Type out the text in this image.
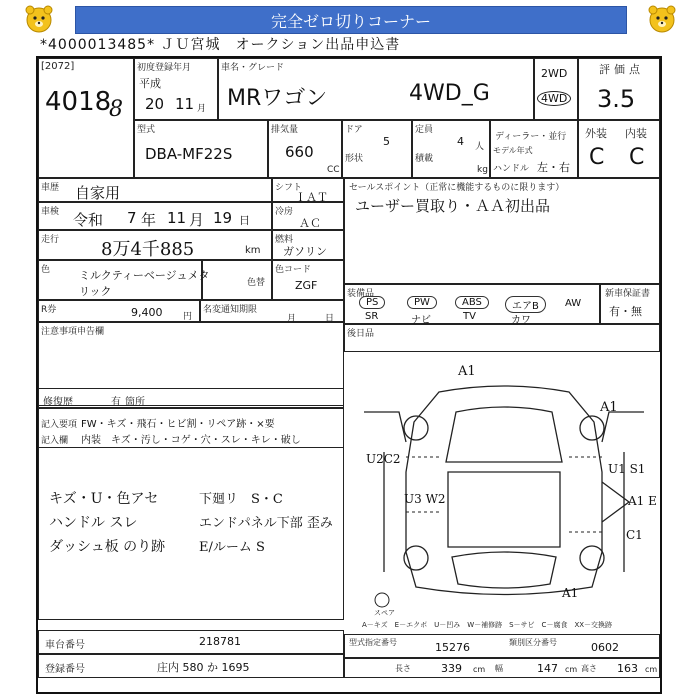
完全ゼロ切りコーナー
*4000013485* ＪＵ宮城　オークション出品申込書
[2072]
4018
8
初度登録年月
平成
20 11 月
車名・グレード
MRワゴン	4WD_G
2WD
4WD
評価点
3.5
型式
DBA-MF22S
排気量
660
CC
ドア
5
形状
定員
4 人
積載
kg
ディーラー・並行
モデル年式
ハンドル 左・右
外装 内装
C C
車歴 自家用
車検 令和 7 年 11 月 19 日
走行 8万4千885	km
色	ミルクティーベージュメタ
リック
色替
シフト
ＩＡＴ
冷房
ＡＣ
燃料
ガソリン
色コード
ZGF
セールスポイント（正常に機能するものに限ります）
ユーザー買取り・ＡＡ初出品
R券	9,400 円
名変通知期限
月	日
装備品
PS	PW	ABS	エアB	AW
SR	ナビ	TV	カワ
新車保証書
有・無
注意事項申告欄	後日品
修復歴	有 箇所
記入要項
記入欄
FW・キズ・飛石・ヒビ割・リペア跡・×要
内装　キズ・汚し・コゲ・穴・スレ・キレ・破し
キズ・U・色アセ
ハンドル スレ
ダッシュ板 のり跡
下廻リ　S・C
エンドパネル下部 歪み
E/ルーム S
A1
A1
U2C2
U1 S1
U3 W2	A1 E
C1
A1
スペア
A－キズ　E－エクボ　U－凹み　W－補修跡　S－サビ　C－腐食　XX－交換跡
車台番号	218781
登録番号	庄内 580 か 1695
型式指定番号	15276	類別区分番号	0602
長さ	339 cm 幅	147 cm 高さ 163 cm
